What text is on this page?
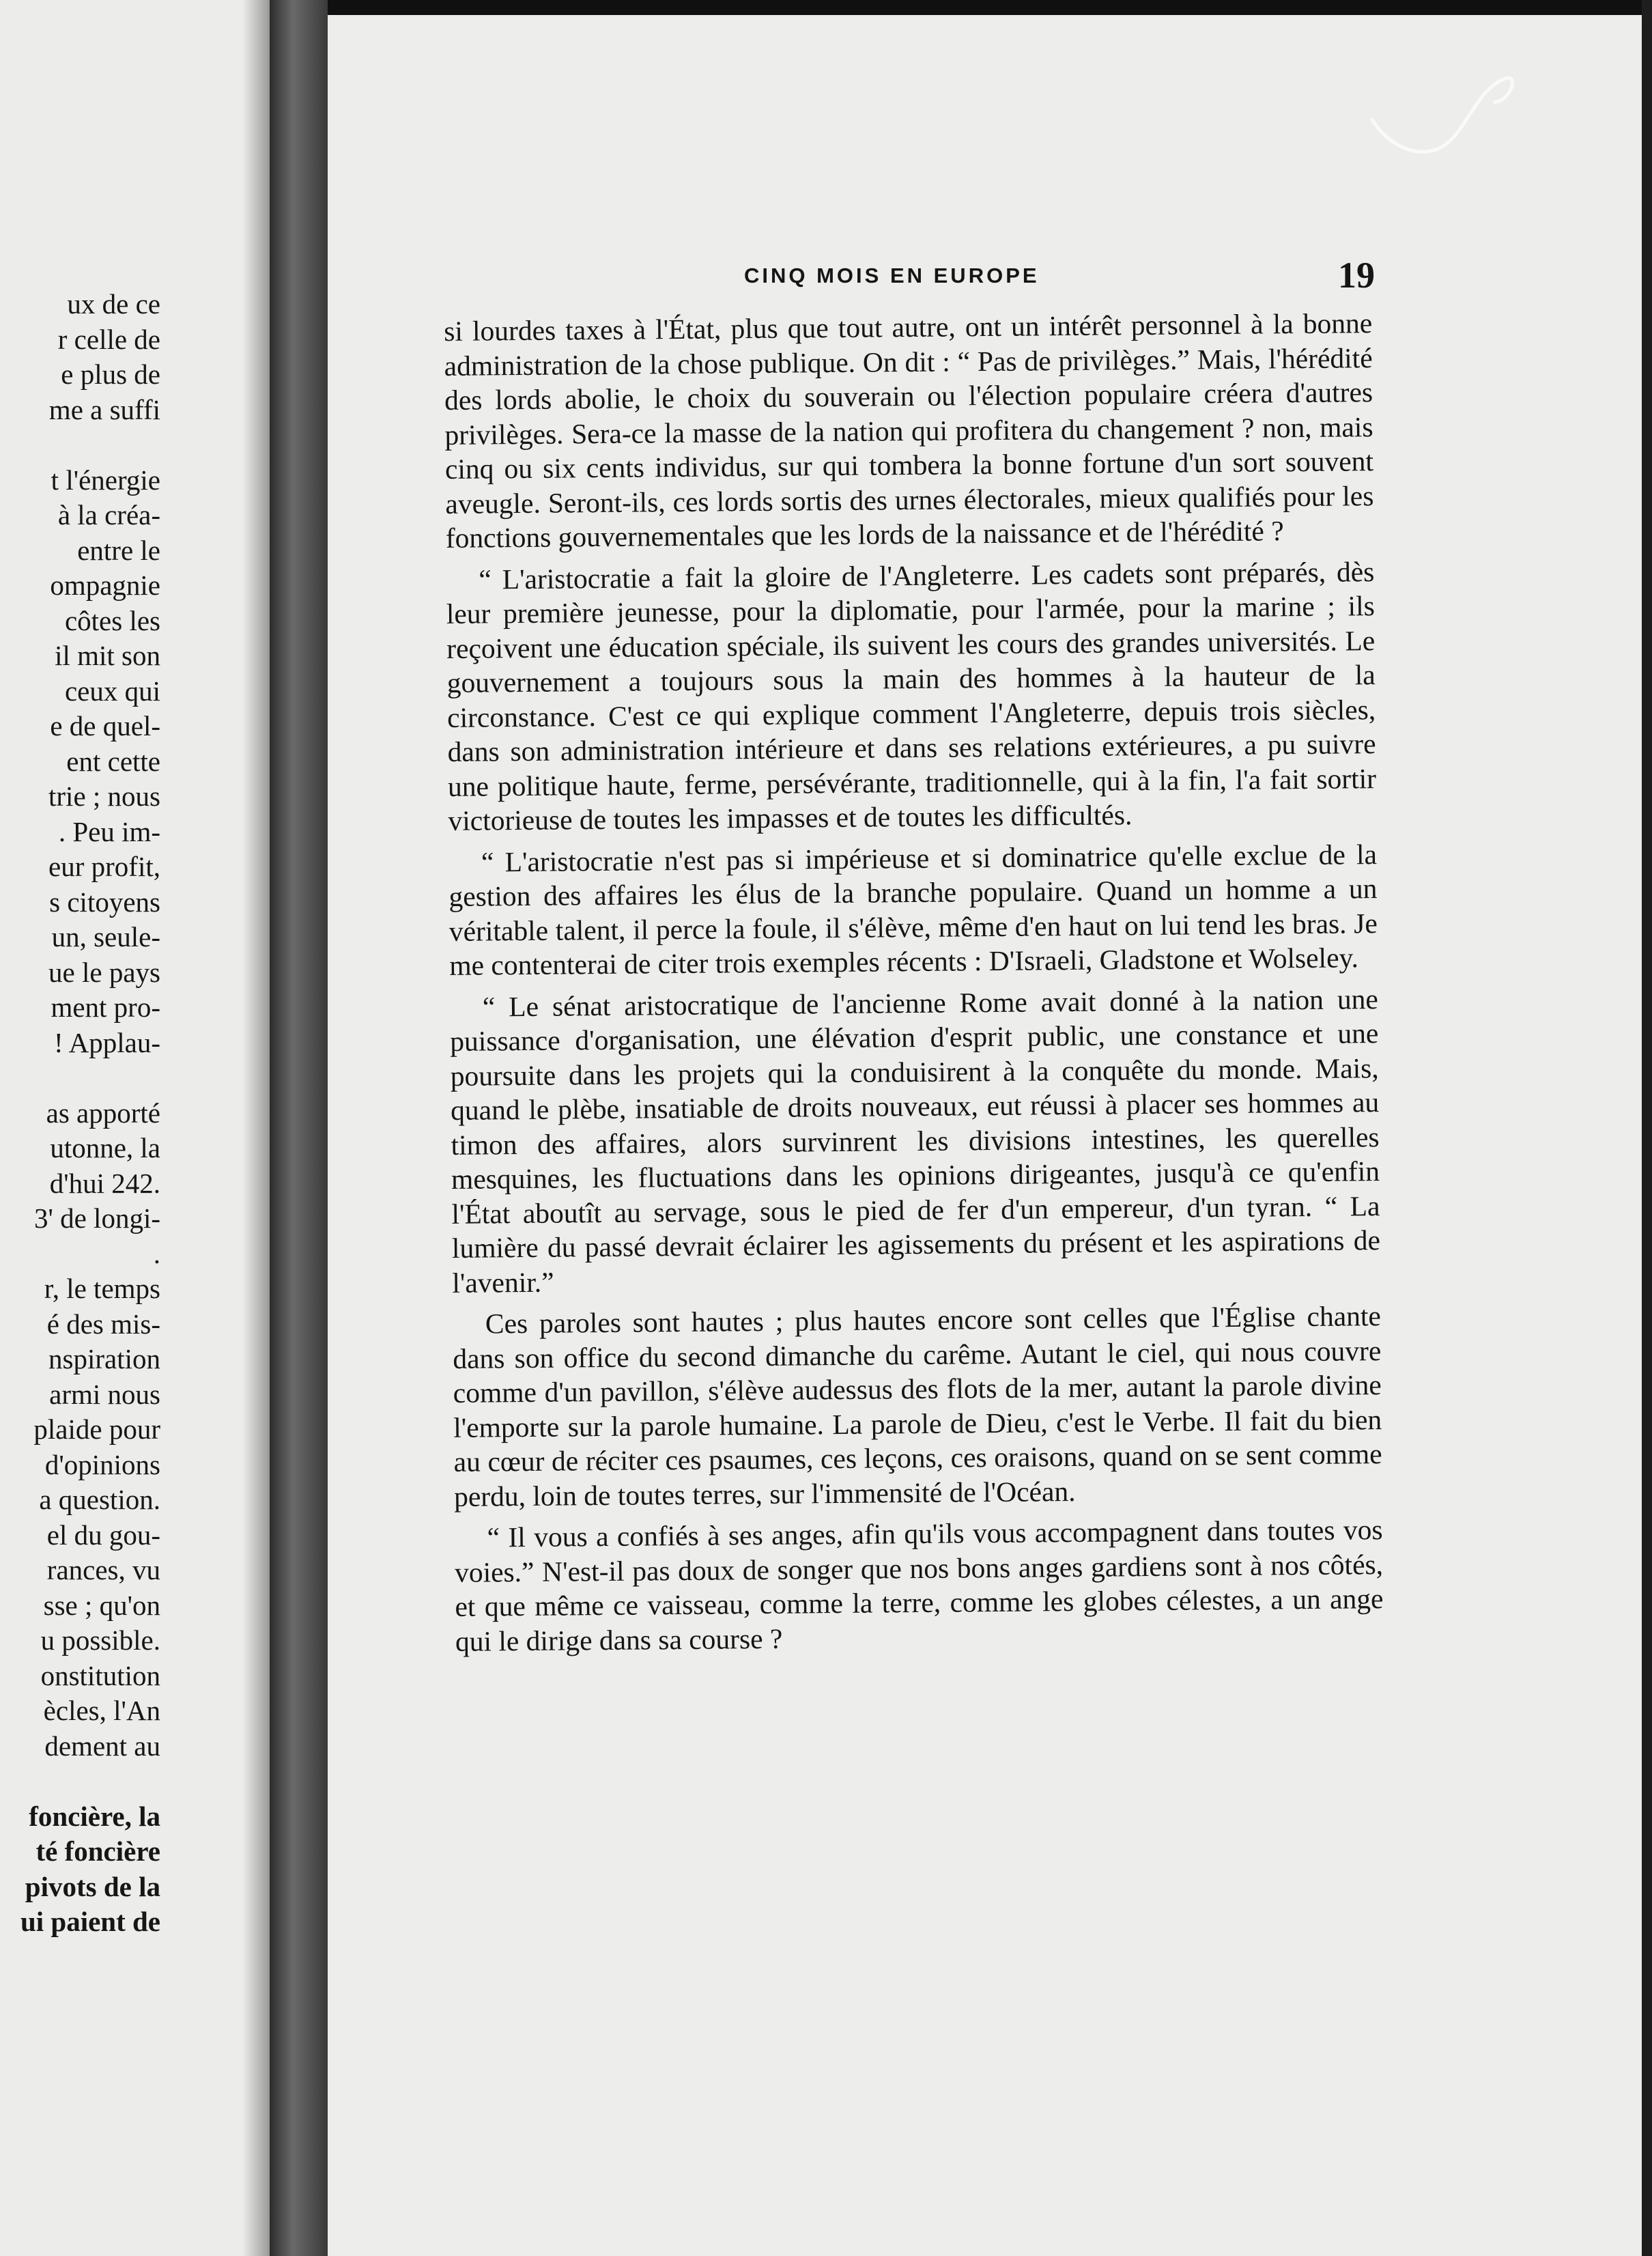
ux de ce
r celle de
e plus de
me a suffi
t l'énergie
à la créa-
entre le
ompagnie
côtes les
il mit son
ceux qui
e de quel-
ent cette
trie ; nous
. Peu im-
eur profit,
s citoyens
un, seule-
ue le pays
ment pro-
! Applau-
as apporté
utonne, la
d'hui 242.
3' de longi-
.
r, le temps
é des mis-
nspiration
armi nous
plaide pour
d'opinions
a question.
el du gou-
rances, vu
sse ; qu'on
u possible.
onstitution
ècles, l'An
dement au
foncière, la
té foncière
pivots de la
ui paient de
CINQ MOIS EN EUROPE	19

si lourdes taxes à l'État, plus que tout autre, ont un intérêt personnel à la bonne administration de la chose publique. On dit : “ Pas de privilèges.” Mais, l'hérédité des lords abolie, le choix du souverain ou l'élection populaire créera d'autres privilèges. Sera-ce la masse de la nation qui profitera du changement ? non, mais cinq ou six cents individus, sur qui tombera la bonne fortune d'un sort souvent aveugle. Seront-ils, ces lords sortis des urnes électorales, mieux qualifiés pour les fonctions gouvernementales que les lords de la naissance et de l'hérédité ?

“ L'aristocratie a fait la gloire de l'Angleterre. Les cadets sont préparés, dès leur première jeunesse, pour la diplomatie, pour l'armée, pour la marine ; ils reçoivent une éducation spéciale, ils suivent les cours des grandes universités. Le gouvernement a toujours sous la main des hommes à la hauteur de la circonstance. C'est ce qui explique comment l'Angleterre, depuis trois siècles, dans son administration intérieure et dans ses relations extérieures, a pu suivre une politique haute, ferme, persévérante, traditionnelle, qui à la fin, l'a fait sortir victorieuse de toutes les impasses et de toutes les difficultés.

“ L'aristocratie n'est pas si impérieuse et si dominatrice qu'elle exclue de la gestion des affaires les élus de la branche populaire. Quand un homme a un véritable talent, il perce la foule, il s'élève, même d'en haut on lui tend les bras. Je me contenterai de citer trois exemples récents : D'Israeli, Gladstone et Wolseley.

“ Le sénat aristocratique de l'ancienne Rome avait donné à la nation une puissance d'organisation, une élévation d'esprit public, une constance et une poursuite dans les projets qui la conduisirent à la conquête du monde. Mais, quand le plèbe, insatiable de droits nouveaux, eut réussi à placer ses hommes au timon des affaires, alors survinrent les divisions intestines, les querelles mesquines, les fluctuations dans les opinions dirigeantes, jusqu'à ce qu'enfin l'État aboutît au servage, sous le pied de fer d'un empereur, d'un tyran. “ La lumière du passé devrait éclairer les agissements du présent et les aspirations de l'avenir.”

Ces paroles sont hautes ; plus hautes encore sont celles que l'Église chante dans son office du second dimanche du carême. Autant le ciel, qui nous couvre comme d'un pavillon, s'élève audessus des flots de la mer, autant la parole divine l'emporte sur la parole humaine. La parole de Dieu, c'est le Verbe. Il fait du bien au cœur de réciter ces psaumes, ces leçons, ces oraisons, quand on se sent comme perdu, loin de toutes terres, sur l'immensité de l'Océan.

“ Il vous a confiés à ses anges, afin qu'ils vous accompagnent dans toutes vos voies.” N'est-il pas doux de songer que nos bons anges gardiens sont à nos côtés, et que même ce vaisseau, comme la terre, comme les globes célestes, a un ange qui le dirige dans sa course ?
